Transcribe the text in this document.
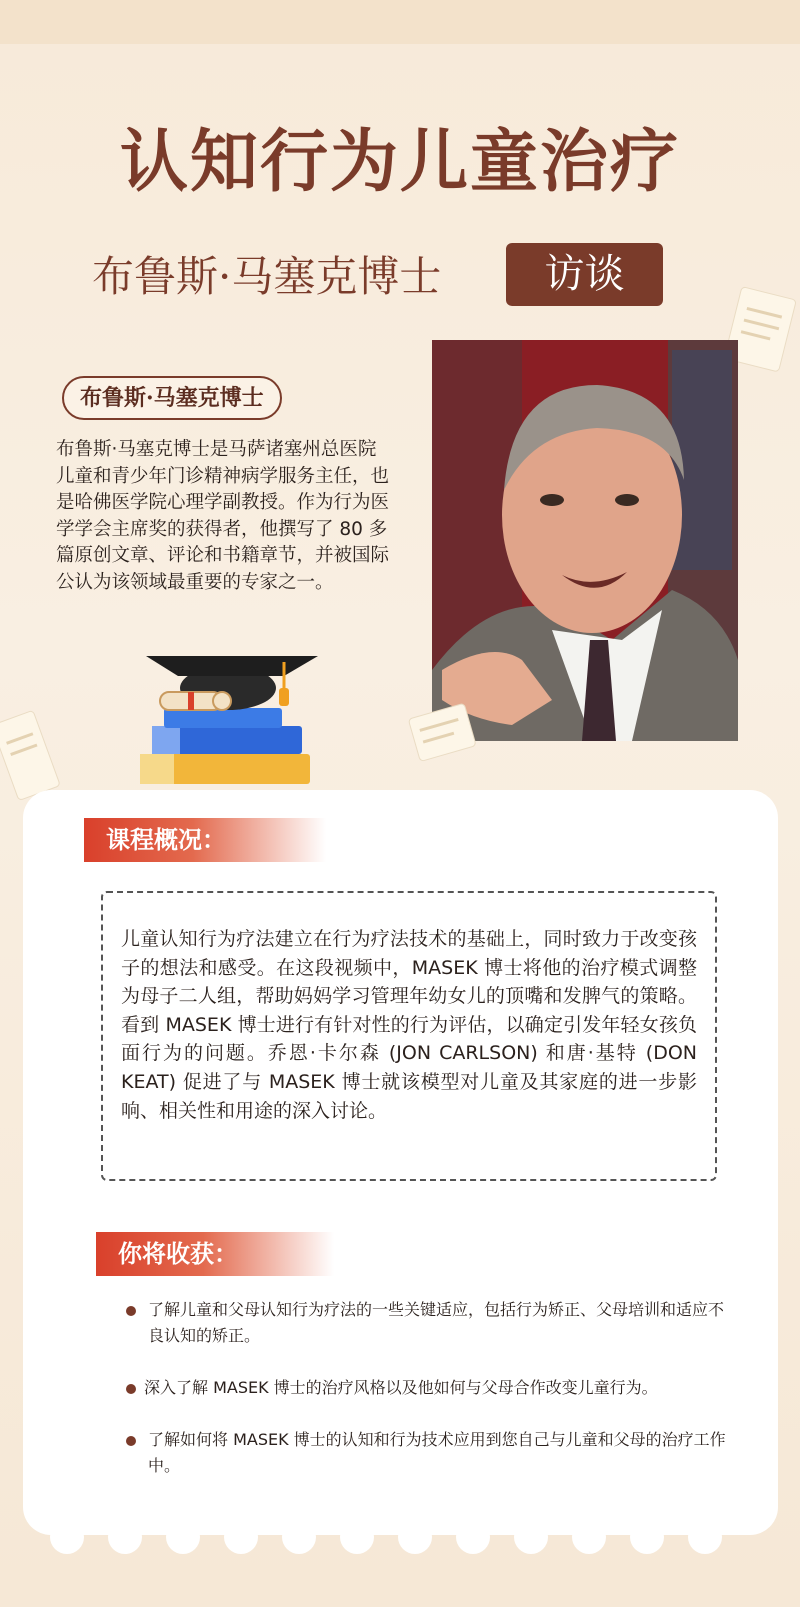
认知行为儿童治疗
布鲁斯·马塞克博士	访谈
布鲁斯·马塞克博士
布鲁斯·马塞克博士是马萨诸塞州总医院儿童和青少年门诊精神病学服务主任，也是哈佛医学院心理学副教授。作为行为医学学会主席奖的获得者，他撰写了 80 多篇原创文章、评论和书籍章节，并被国际公认为该领域最重要的专家之一。
课程概况：
儿童认知行为疗法建立在行为疗法技术的基础上，同时致力于改变孩子的想法和感受。在这段视频中，MASEK 博士将他的治疗模式调整为母子二人组，帮助妈妈学习管理年幼女儿的顶嘴和发脾气的策略。看到 MASEK 博士进行有针对性的行为评估，以确定引发年轻女孩负面行为的问题。乔恩·卡尔森 (JON CARLSON) 和唐·基特 (DON KEAT) 促进了与 MASEK 博士就该模型对儿童及其家庭的进一步影响、相关性和用途的深入讨论。
你将收获：
了解儿童和父母认知行为疗法的一些关键适应，包括行为矫正、父母培训和适应不良认知的矫正。
深入了解 MASEK 博士的治疗风格以及他如何与父母合作改变儿童行为。
了解如何将 MASEK 博士的认知和行为技术应用到您自己与儿童和父母的治疗工作中。
